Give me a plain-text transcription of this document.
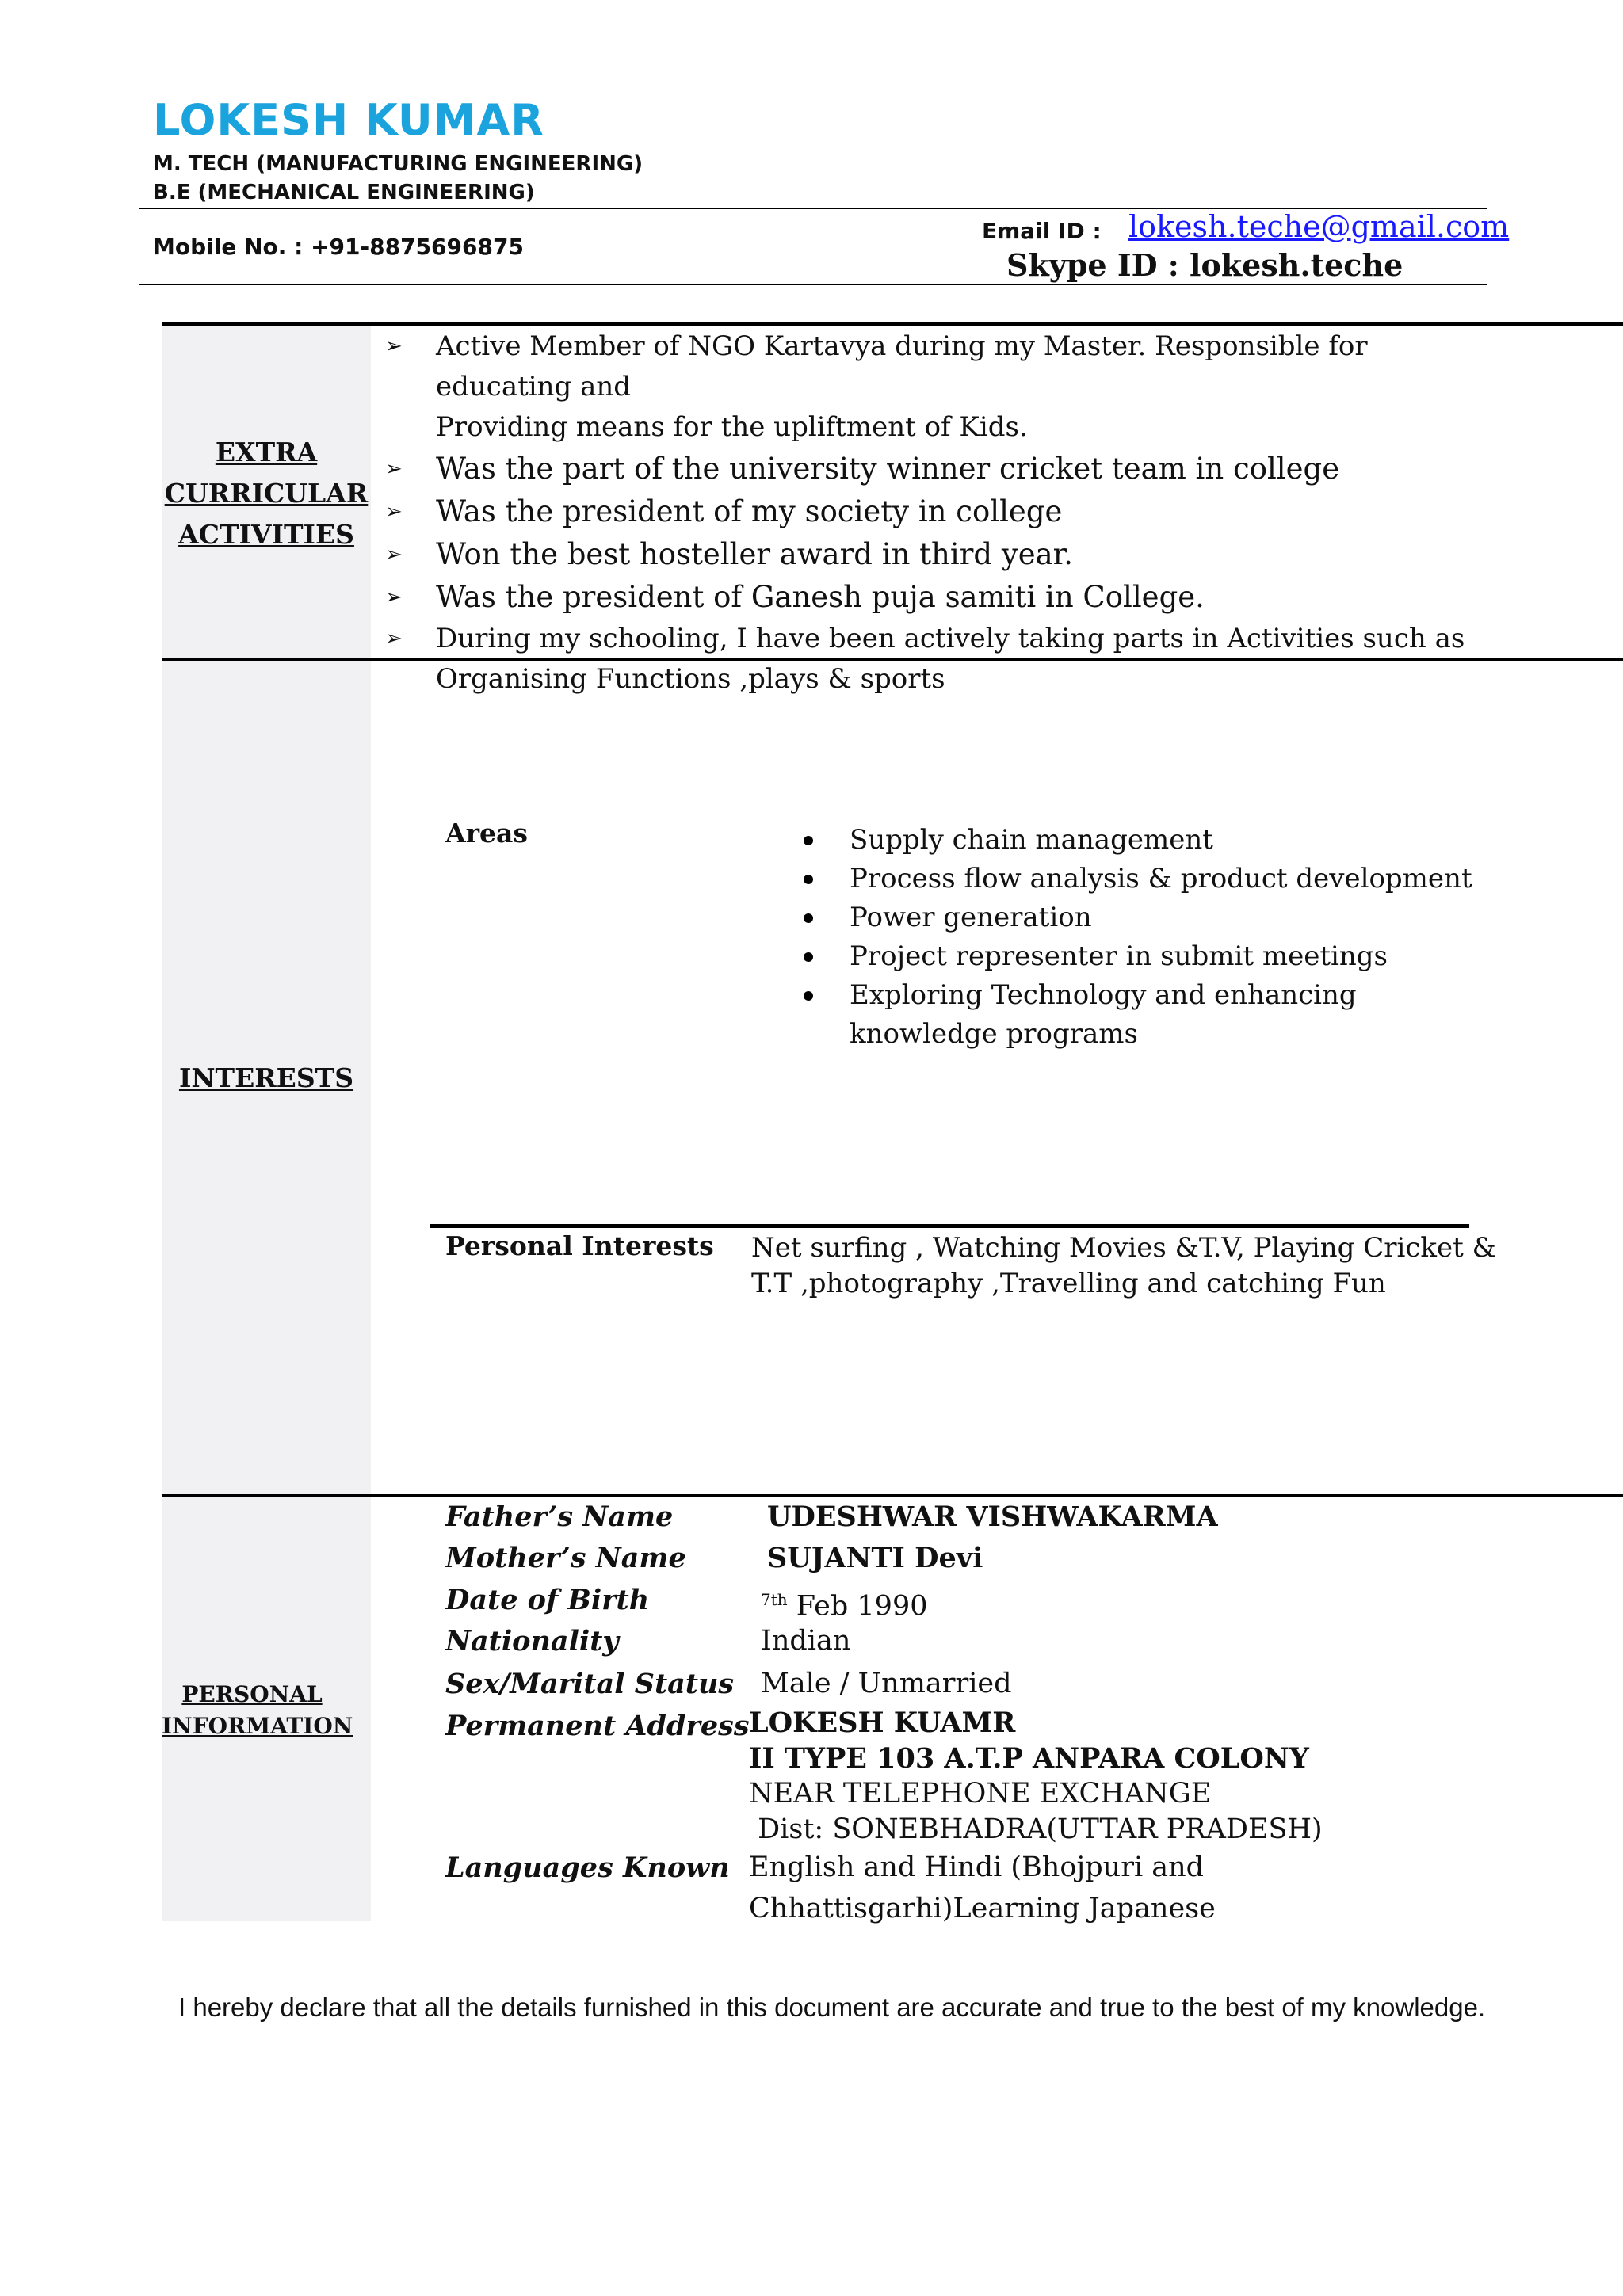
LOKESH KUMAR
M. TECH (MANUFACTURING ENGINEERING)
B.E (MECHANICAL ENGINEERING)
Mobile No. : +91-8875696875
Email ID : lokesh.teche@gmail.com
Skype ID : lokesh.teche
EXTRA
CURRICULAR
ACTIVITIES
➢ Active Member of NGO Kartavya during my Master. Responsible for educating and
Providing means for the upliftment of Kids.
➢ Was the part of the university winner cricket team in college
➢ Was the president of my society in college
➢ Won the best hosteller award in third year.
➢ Was the president of Ganesh puja samiti in College.
➢ During my schooling, I have been actively taking parts in Activities such as
Organising Functions ,plays & sports
INTERESTS
Areas	Supply chain management
Process flow analysis & product development
Power generation
Project representer in submit meetings
Exploring Technology and enhancing
knowledge programs
Personal Interests Net surfing , Watching Movies &T.V, Playing Cricket &
T.T ,photography ,Travelling and catching Fun
PERSONAL
INFORMATION
Father’s Name	UDESHWAR VISHWAKARMA
Mother’s Name	SUJANTI Devi
Date of Birth	$^{7th}$ Feb 1990
Nationality	Indian
Sex/Marital Status Male / Unmarried
Permanent Address LOKESH KUAMR
II TYPE 103 A.T.P ANPARA COLONY
NEAR TELEPHONE EXCHANGE
Dist: SONEBHADRA(UTTAR PRADESH)
Languages Known English and Hindi (Bhojpuri and
Chhattisgarhi)Learning Japanese
I hereby declare that all the details furnished in this document are accurate and true to the best of my knowledge.
